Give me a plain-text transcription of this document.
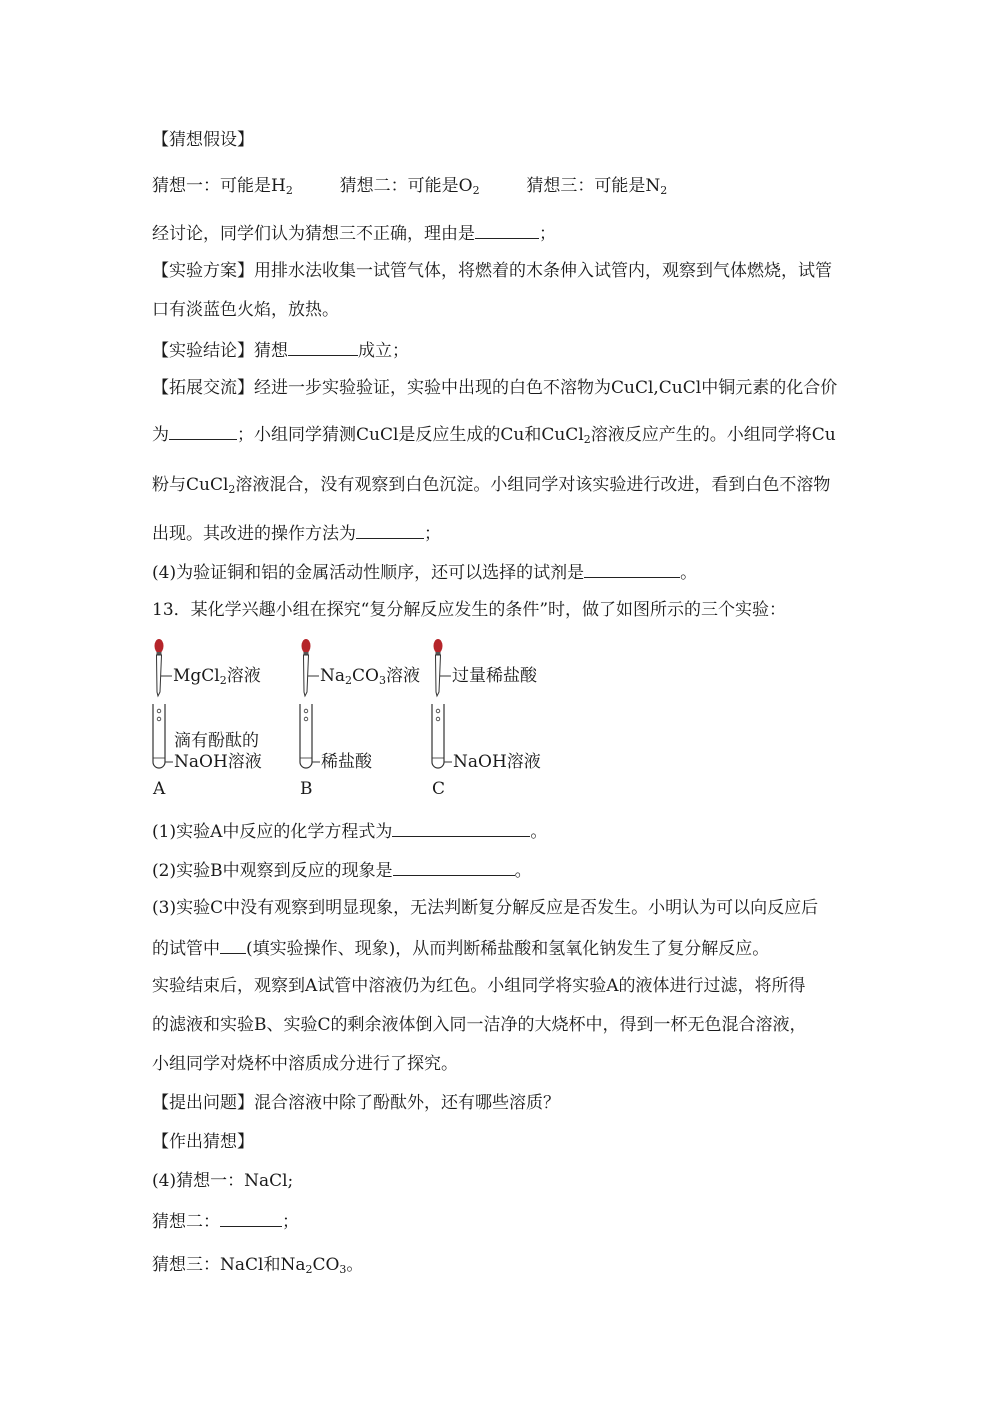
【猜想假设】
猜想一：可能是$H_2$	猜想二：可能是$O_2$	猜想三：可能是$N_2$
经讨论，同学们认为猜想三不正确，理由是	；
【实验方案】用排水法收集一试管气体，将燃着的木条伸入试管内，观察到气体燃烧，试管
口有淡蓝色火焰，放热。
【实验结论】猜想	成立；
【拓展交流】经进一步实验验证，实验中出现的白色不溶物为CuCl,CuCl中铜元素的化合价
为	；小组同学猜测CuCl是反应生成的Cu和CuCl$_2$溶液反应产生的。小组同学将Cu
粉与CuCl$_2$溶液混合，没有观察到白色沉淀。小组同学对该实验进行改进，看到白色不溶物
出现。其改进的操作方法为	；
(4)为验证铜和铝的金属活动性顺序，还可以选择的试剂是	。
13．某化学兴趣小组在探究“复分解反应发生的条件”时，做了如图所示的三个实验：
MgCl$_2$溶液	$Na_2CO_3$溶液 过量稀盐酸
滴有酚酞的
NaOH溶液	稀盐酸	NaOH溶液
A	B	C
(1)实验A中反应的化学方程式为	。
(2)实验B中观察到反应的现象是	。
(3)实验C中没有观察到明显现象，无法判断复分解反应是否发生。小明认为可以向反应后
的试管中 (填实验操作、现象)，从而判断稀盐酸和氢氧化钠发生了复分解反应。
实验结束后，观察到A试管中溶液仍为红色。小组同学将实验A的液体进行过滤，将所得
的滤液和实验B、实验C的剩余液体倒入同一洁净的大烧杯中，得到一杯无色混合溶液，
小组同学对烧杯中溶质成分进行了探究。
【提出问题】混合溶液中除了酚酞外，还有哪些溶质？
【作出猜想】
(4)猜想一：NaCl;
猜想二：	；
猜想三：NaCl和$Na_2CO_3$。
